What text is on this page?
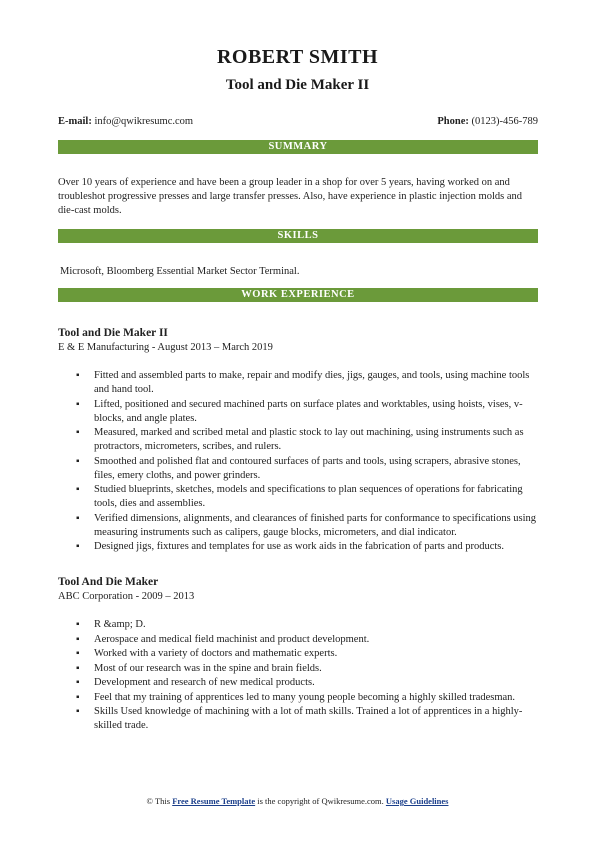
ROBERT SMITH
Tool and Die Maker II
E-mail: info@qwikresumc.com	Phone: (0123)-456-789
SUMMARY
Over 10 years of experience and have been a group leader in a shop for over 5 years, having worked on and troubleshot progressive presses and large transfer presses. Also, have experience in plastic injection molds and die-cast molds.
SKILLS
Microsoft, Bloomberg Essential Market Sector Terminal.
WORK EXPERIENCE
Tool and Die Maker II
E & E Manufacturing - August 2013 – March 2019
▪ Fitted and assembled parts to make, repair and modify dies, jigs, gauges, and tools, using machine tools and hand tool.
▪ Lifted, positioned and secured machined parts on surface plates and worktables, using hoists, vises, v-blocks, and angle plates.
▪ Measured, marked and scribed metal and plastic stock to lay out machining, using instruments such as protractors, micrometers, scribes, and rulers.
▪ Smoothed and polished flat and contoured surfaces of parts and tools, using scrapers, abrasive stones, files, emery cloths, and power grinders.
▪ Studied blueprints, sketches, models and specifications to plan sequences of operations for fabricating tools, dies and assemblies.
▪ Verified dimensions, alignments, and clearances of finished parts for conformance to specifications using measuring instruments such as calipers, gauge blocks, micrometers, and dial indicator.
▪ Designed jigs, fixtures and templates for use as work aids in the fabrication of parts and products.
Tool And Die Maker
ABC Corporation - 2009 – 2013
▪ R &amp; D.
▪ Aerospace and medical field machinist and product development.
▪ Worked with a variety of doctors and mathematic experts.
▪ Most of our research was in the spine and brain fields.
▪ Development and research of new medical products.
▪ Feel that my training of apprentices led to many young people becoming a highly skilled tradesman.
▪ Skills Used knowledge of machining with a lot of math skills. Trained a lot of apprentices in a highly-skilled trade.
© This Free Resume Template is the copyright of Qwikresume.com. Usage Guidelines
